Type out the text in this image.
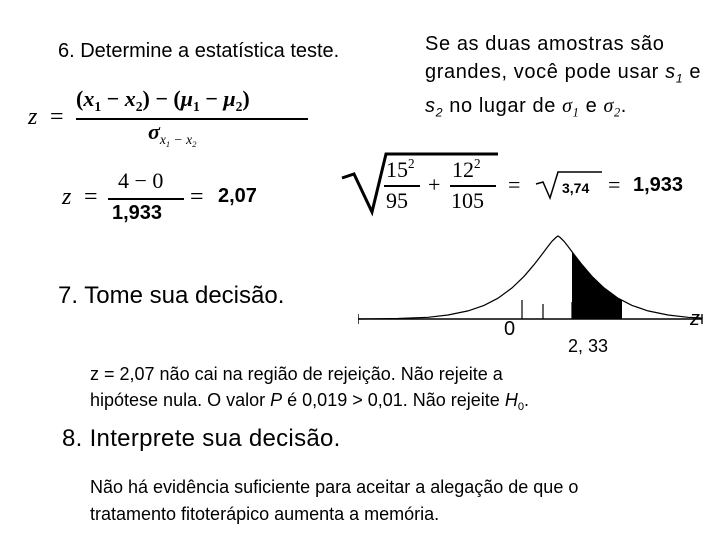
6. Determine a estatística teste.	Se as duas amostras são grandes, você pode usar $s_1$ e $s_2$ no lugar de $\sigma_1$ e $\sigma_2$.
z =
$(x_1 - x_2) - (\mu_1 - \mu_2)$
$\sigma_{x_1 - x_2}$
z =
4 − 0
1,933
= 2,07
$15^2$
95
+
$12^2$
105
=	3,74 = 1,933
0
2, 33
z
7. Tome sua decisão.
z = 2,07 não cai na região de rejeição. Não rejeite a
hipótese nula. O valor P é 0,019 > 0,01. Não rejeite $H_0$.
8. Interprete sua decisão.
Não há evidência suficiente para aceitar a alegação de que o
tratamento fitoterápico aumenta a memória.
